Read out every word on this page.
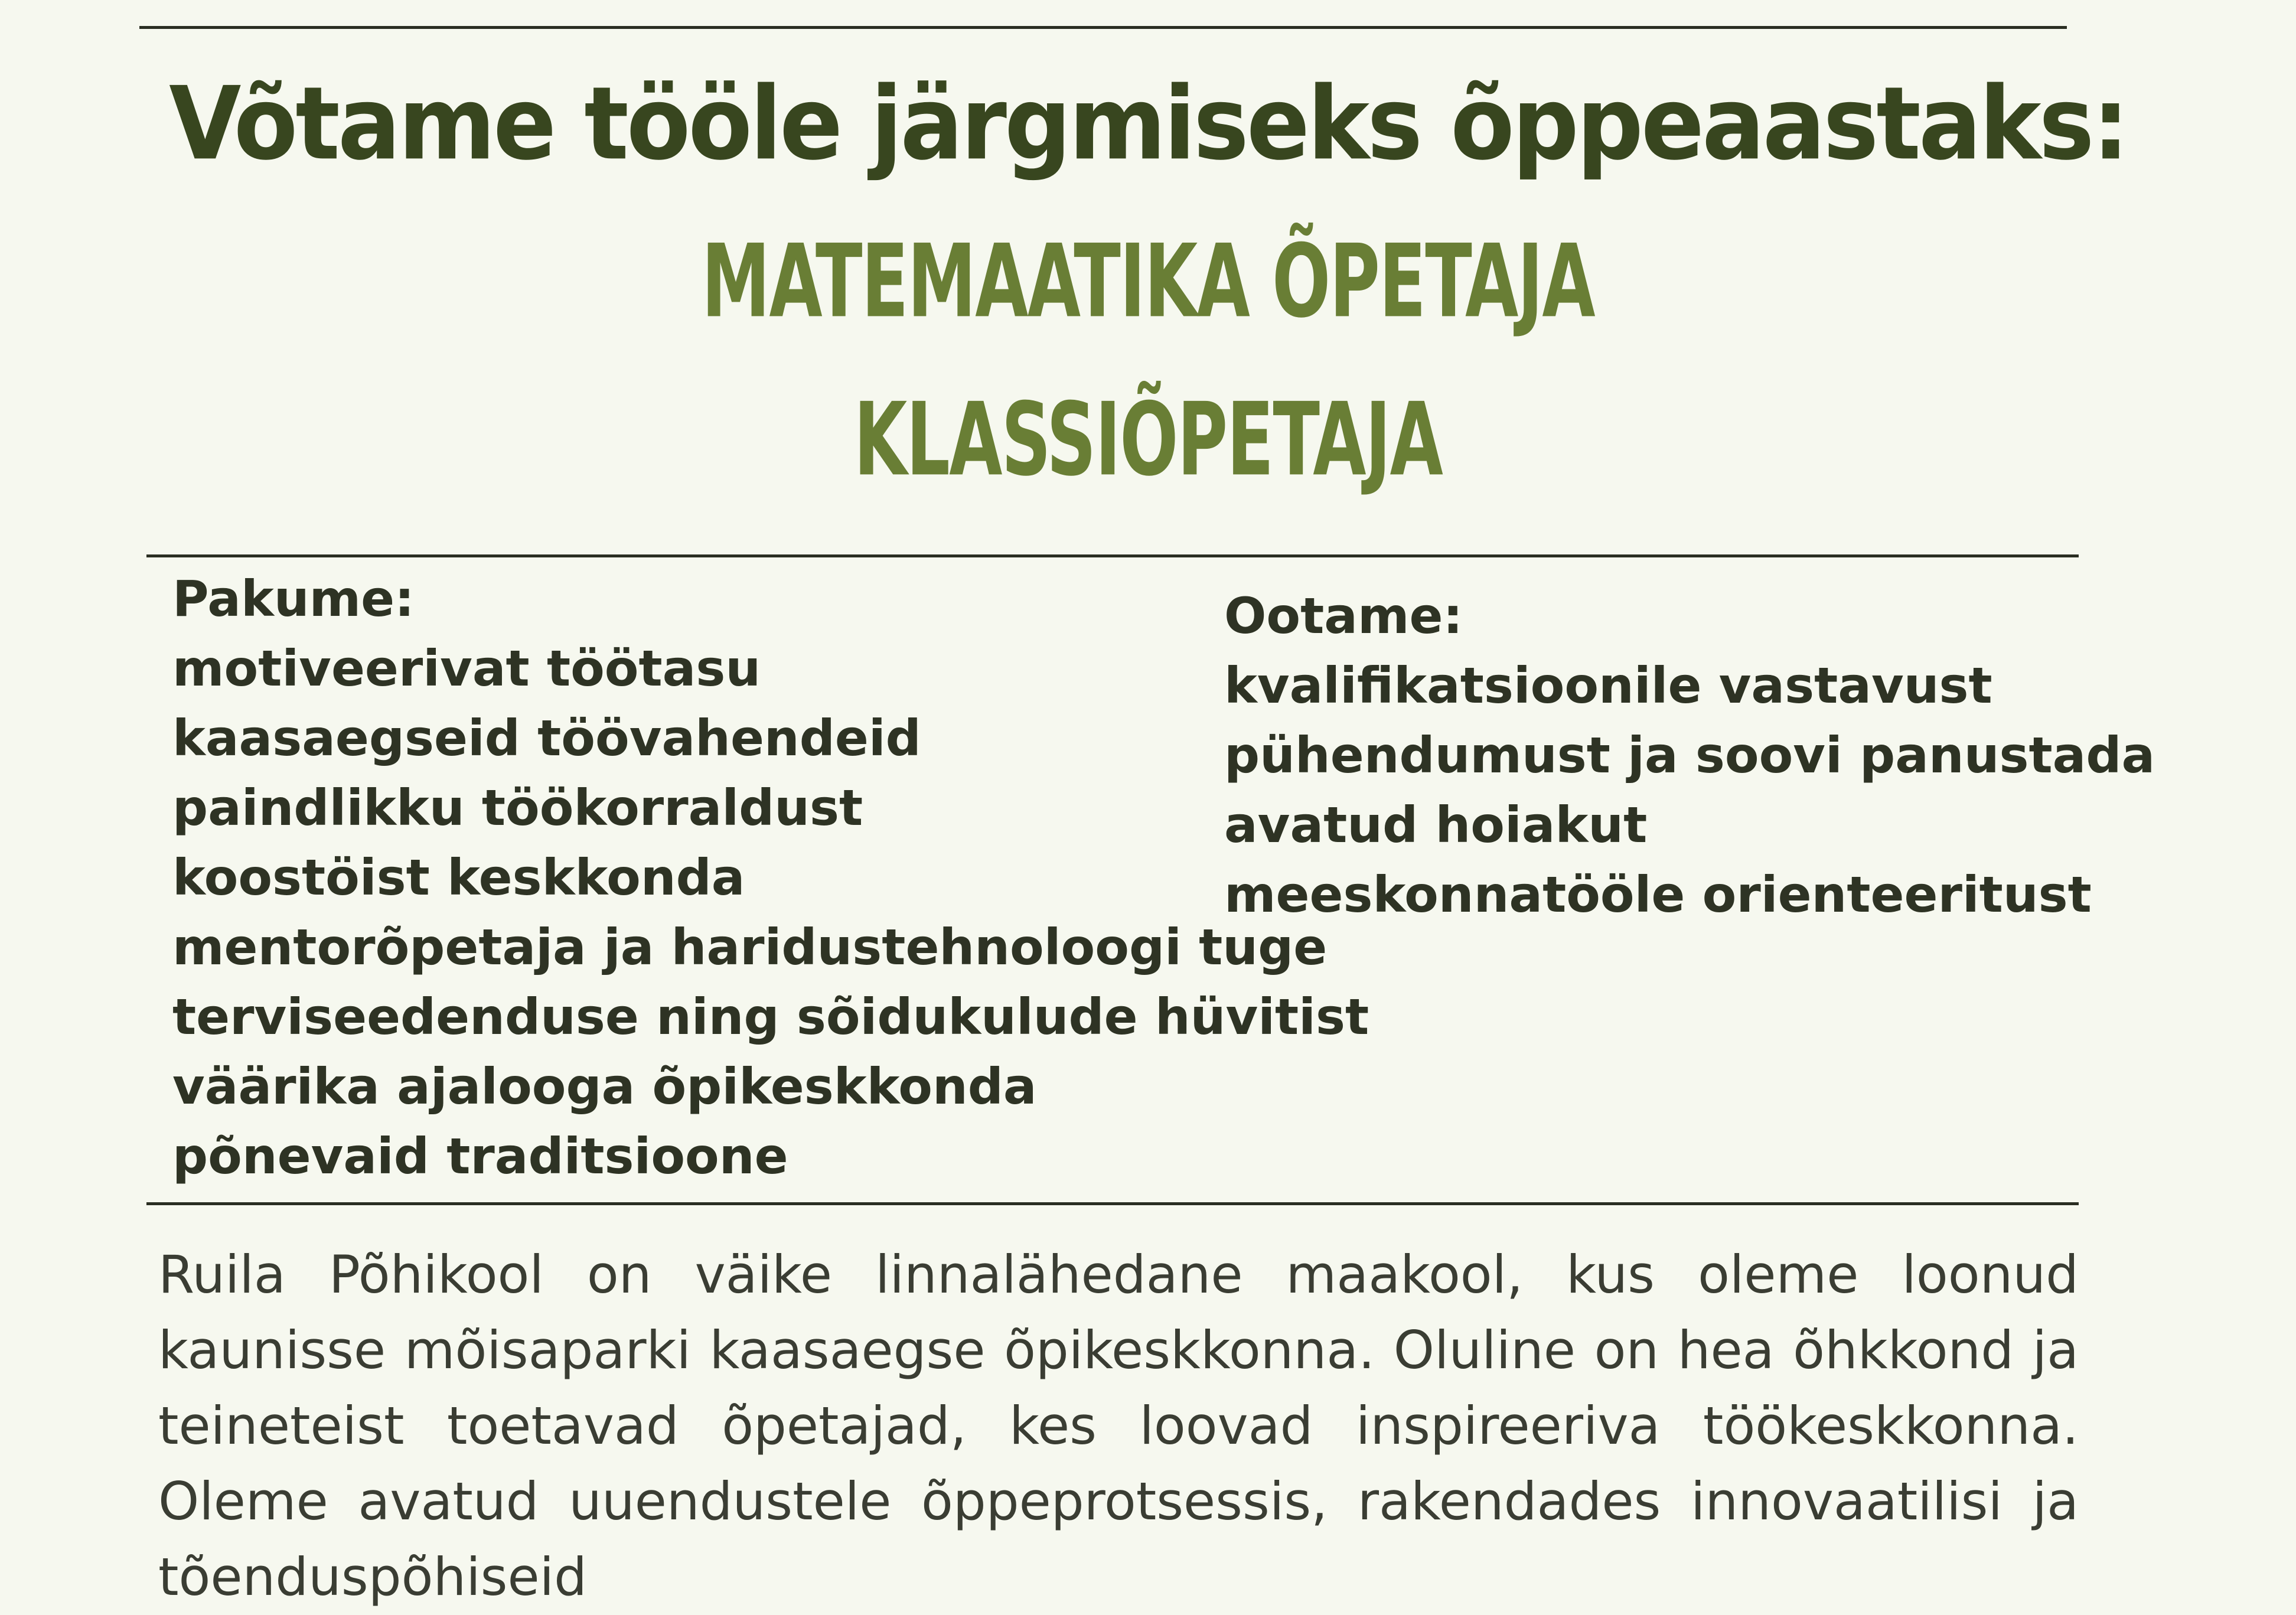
Võtame tööle järgmiseks õppeaastaks:
MATEMAATIKA ÕPETAJA
KLASSIÕPETAJA
Pakume:
motiveerivat töötasu
kaasaegseid töövahendeid
paindlikku töökorraldust
koostöist keskkonda
mentorõpetaja ja haridustehnoloogi tuge
terviseedenduse ning sõidukulude hüvitist
väärika ajalooga õpikeskkonda
põnevaid traditsioone
Ootame:
kvalifikatsioonile vastavust
pühendumust ja soovi panustada
avatud hoiakut
meeskonnatööle orienteeritust

Ruila Põhikool on väike linnalähedane maakool, kus oleme loonud kaunisse mõisaparki kaasaegse õpikeskkonna. Oluline on hea õhkkond ja teineteist toetavad õpetajad, kes loovad inspireeriva töökeskkonna. Oleme avatud uuendustele õppeprotsessis, rakendades innovaatilisi ja tõenduspõhiseid
